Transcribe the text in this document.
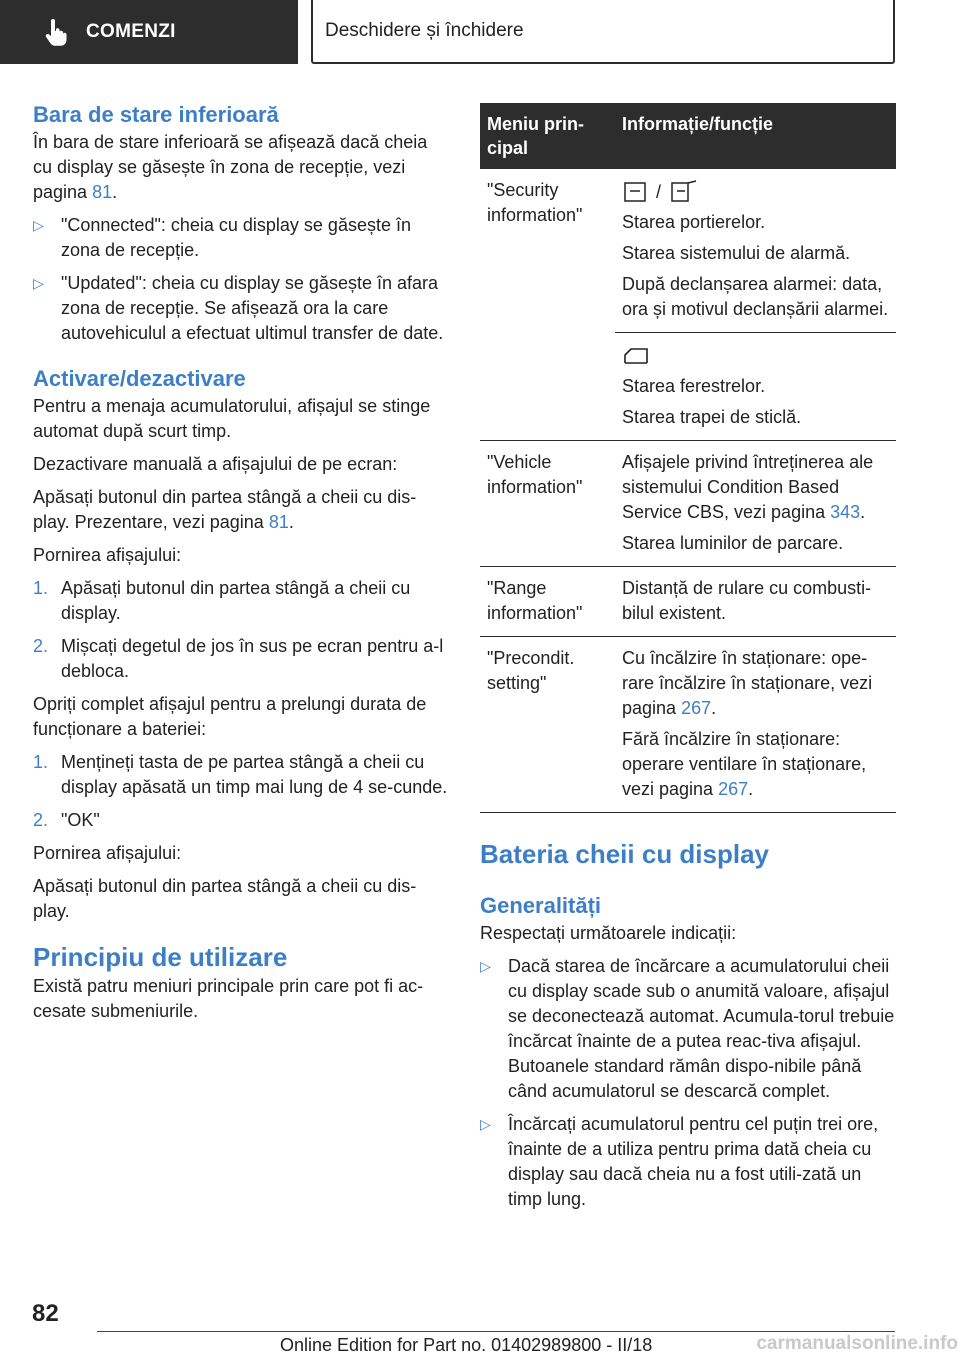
COMENZI	Deschidere și închidere
Bara de stare inferioară

În bara de stare inferioară se afișează dacă cheia cu display se găsește în zona de recepție, vezi pagina 81.

▷ "Connected": cheia cu display se găsește în zona de recepție.
▷ "Updated": cheia cu display se găsește în afara zona de recepție. Se afișează ora la care autovehiculul a efectuat ultimul transfer de date.
Activare/dezactivare

Pentru a menaja acumulatorului, afișajul se stinge automat după scurt timp.

Dezactivare manuală a afișajului de pe ecran:

Apăsați butonul din partea stângă a cheii cu dis-play. Prezentare, vezi pagina 81.

Pornirea afișajului:

1. Apăsați butonul din partea stângă a cheii cu display.
2. Mișcați degetul de jos în sus pe ecran pentru a-l debloca.

Opriți complet afișajul pentru a prelungi durata de funcționare a bateriei:

1. Mențineți tasta de pe partea stângă a cheii cu display apăsată un timp mai lung de 4 se-cunde.
2. "OK"

Pornirea afișajului:

Apăsați butonul din partea stângă a cheii cu dis-play.

Principiu de utilizare

Există patru meniuri principale prin care pot fi ac-cesate submeniurile.

Meniu prin-cipal	Informație/funcție
"Security information"	/

Starea portierelor.

Starea sistemului de alarmă.

După declanșarea alarmei: data, ora și motivul declanșării alarmei.

	Starea ferestrelor.

Starea trapei de sticlă.

"Vehicle information"	Afișajele privind întreținerea ale sistemului Condition Based Service CBS, vezi pagina 343.

Starea luminilor de parcare.

"Range information"	Distanță de rulare cu combusti-bilul existent.

"Precondit. setting"	Cu încălzire în staționare: ope-rare încălzire în staționare, vezi pagina 267.

Fără încălzire în staționare: operare ventilare în staționare, vezi pagina 267.

Bateria cheii cu display
Generalități

Respectați următoarele indicații:

▷ Dacă starea de încărcare a acumulatorului cheii cu display scade sub o anumită valoare, afișajul se deconectează automat. Acumula-torul trebuie încărcat înainte de a putea reac-tiva afișajul. Butoanele standard rămân dispo-nibile până când acumulatorul se descarcă complet.
▷ Încărcați acumulatorul pentru cel puțin trei ore, înainte de a utiliza pentru prima dată cheia cu display sau dacă cheia nu a fost utili-zată un timp lung.
82
Online Edition for Part no. 01402989800 - II/18	carmanualsonline.info
